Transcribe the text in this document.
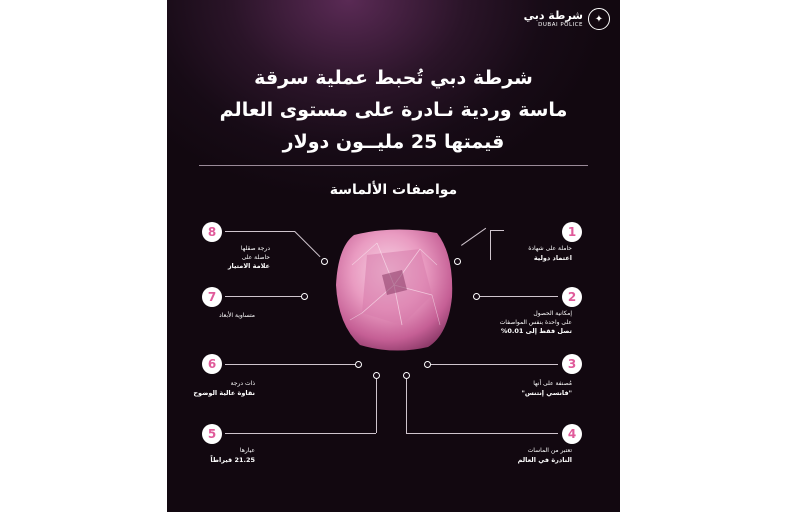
شرطة دبي
DUBAI POLICE
✦
شرطة دبي تُحبط عملية سرقة
ماسة وردية نـادرة على مستوى العالم
قيمتها 25 مليــون دولار
مواصفات الألماسة
1
حاملة على شهادة
اعتماد دولية
2
إمكانية الحصول
على واحدة بنفس المواصفات
تصل فقط إلى 0.01%
3
مُصنفة على أنها
"فانسي إنتنس"
4
تعتبر من الماسات
النادرة في العالم
8
درجة صقلها
حاصلة على
علامة الامتياز
7
متساوية الأبعاد
6
ذات درجة
نقاوة عالية الوضوح
5
عيارها
21.25 قيراطاً
